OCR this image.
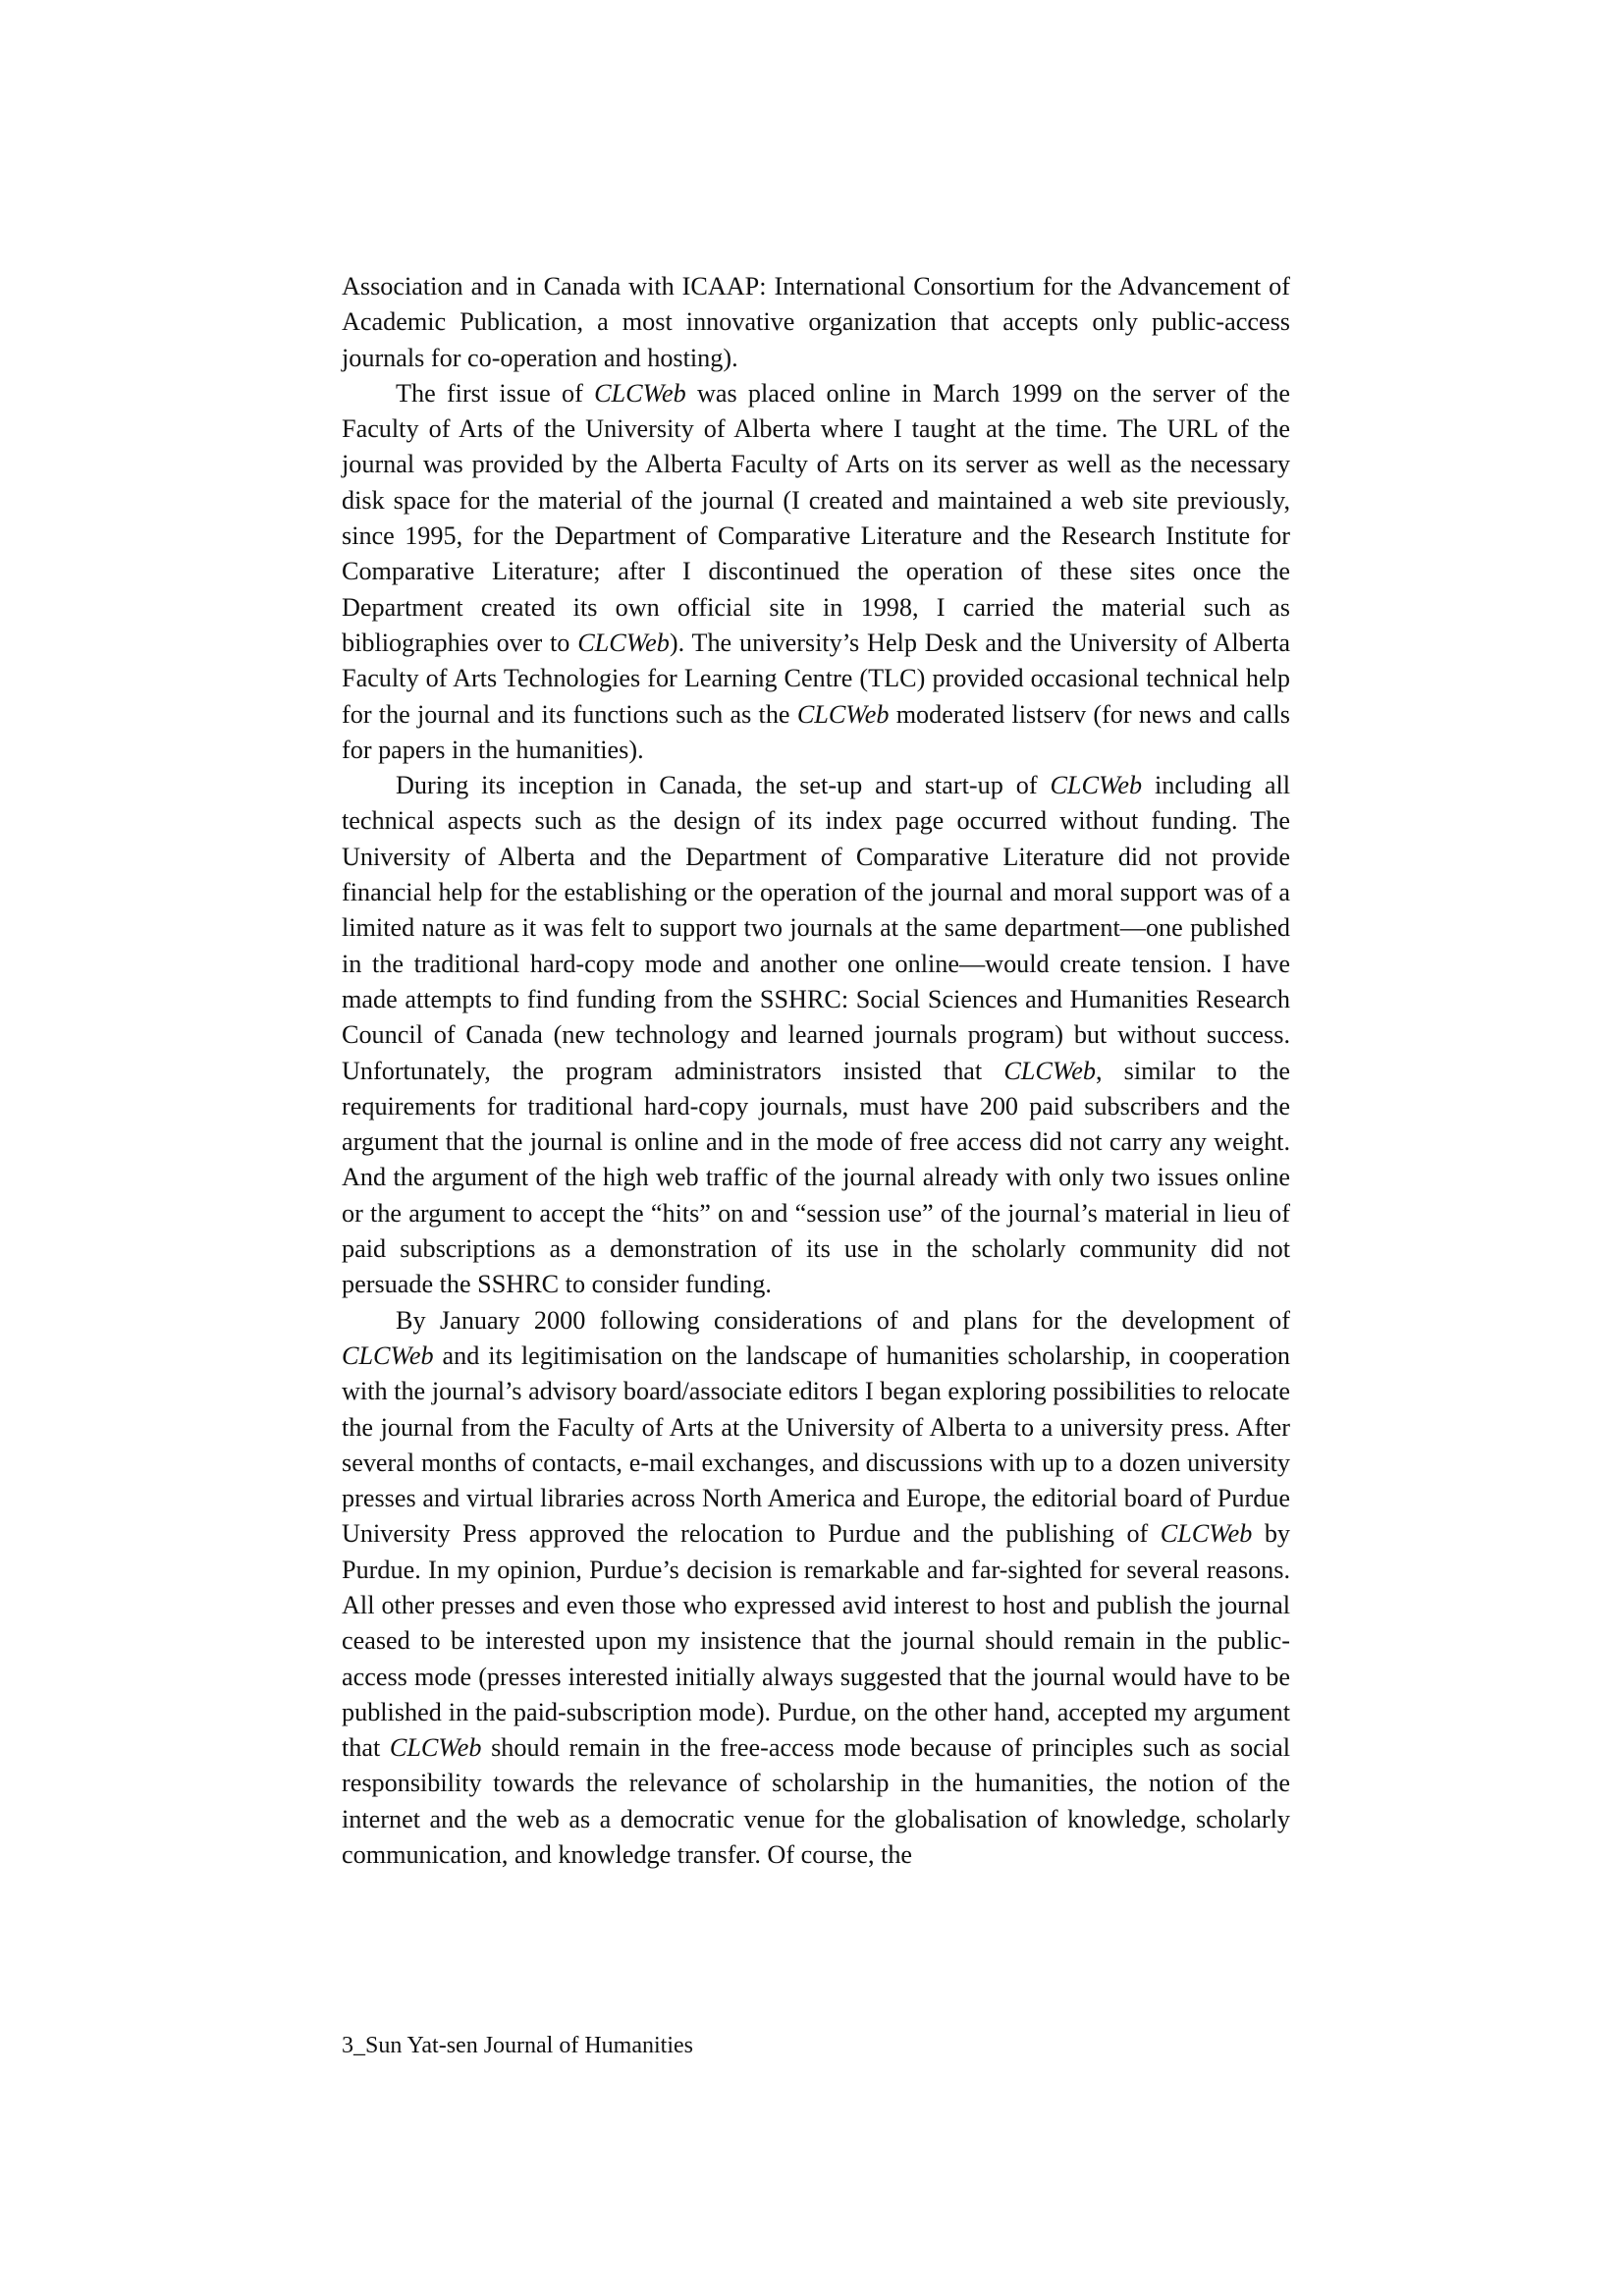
Association and in Canada with ICAAP: International Consortium for the Advancement of Academic Publication, a most innovative organization that accepts only public-access journals for co-operation and hosting).

The first issue of CLCWeb was placed online in March 1999 on the server of the Faculty of Arts of the University of Alberta where I taught at the time. The URL of the journal was provided by the Alberta Faculty of Arts on its server as well as the necessary disk space for the material of the journal (I created and maintained a web site previously, since 1995, for the Department of Comparative Literature and the Research Institute for Comparative Literature; after I discontinued the operation of these sites once the Department created its own official site in 1998, I carried the material such as bibliographies over to CLCWeb). The university’s Help Desk and the University of Alberta Faculty of Arts Technologies for Learning Centre (TLC) provided occasional technical help for the journal and its functions such as the CLCWeb moderated listserv (for news and calls for papers in the humanities).

During its inception in Canada, the set-up and start-up of CLCWeb including all technical aspects such as the design of its index page occurred without funding. The University of Alberta and the Department of Comparative Literature did not provide financial help for the establishing or the operation of the journal and moral support was of a limited nature as it was felt to support two journals at the same department—one published in the traditional hard-copy mode and another one online—would create tension. I have made attempts to find funding from the SSHRC: Social Sciences and Humanities Research Council of Canada (new technology and learned journals program) but without success. Unfortunately, the program administrators insisted that CLCWeb, similar to the requirements for traditional hard-copy journals, must have 200 paid subscribers and the argument that the journal is online and in the mode of free access did not carry any weight. And the argument of the high web traffic of the journal already with only two issues online or the argument to accept the “hits” on and “session use” of the journal’s material in lieu of paid subscriptions as a demonstration of its use in the scholarly community did not persuade the SSHRC to consider funding.

By January 2000 following considerations of and plans for the development of CLCWeb and its legitimisation on the landscape of humanities scholarship, in cooperation with the journal’s advisory board/associate editors I began exploring possibilities to relocate the journal from the Faculty of Arts at the University of Alberta to a university press. After several months of contacts, e-mail exchanges, and discussions with up to a dozen university presses and virtual libraries across North America and Europe, the editorial board of Purdue University Press approved the relocation to Purdue and the publishing of CLCWeb by Purdue. In my opinion, Purdue’s decision is remarkable and far-sighted for several reasons. All other presses and even those who expressed avid interest to host and publish the journal ceased to be interested upon my insistence that the journal should remain in the public-access mode (presses interested initially always suggested that the journal would have to be published in the paid-subscription mode). Purdue, on the other hand, accepted my argument that CLCWeb should remain in the free-access mode because of principles such as social responsibility towards the relevance of scholarship in the humanities, the notion of the internet and the web as a democratic venue for the globalisation of knowledge, scholarly communication, and knowledge transfer. Of course, the

3_Sun Yat-sen Journal of Humanities
